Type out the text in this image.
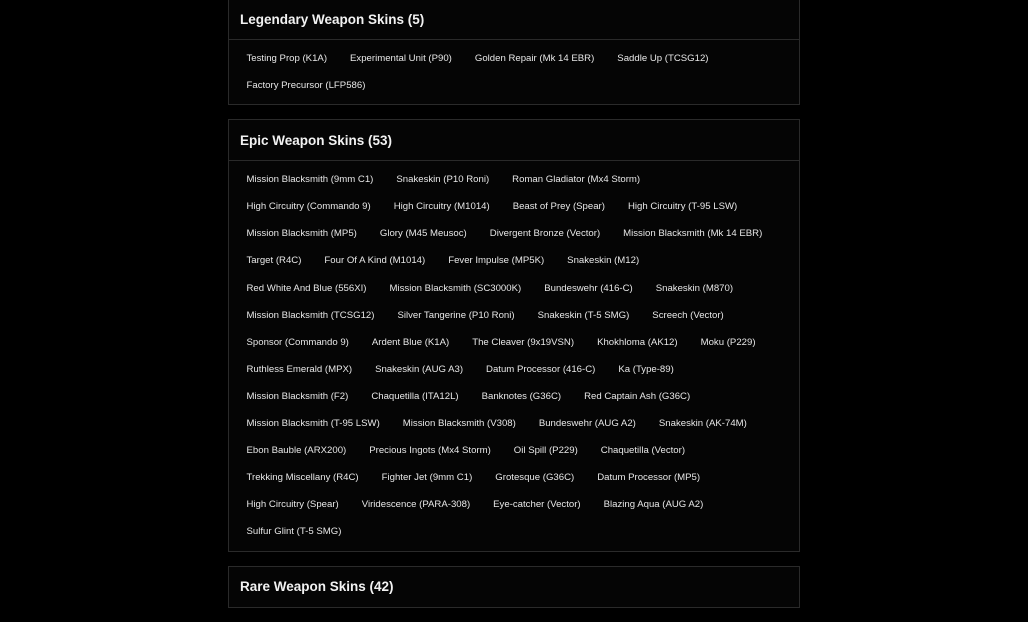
Legendary Weapon Skins (5)
Testing Prop (K1A)	Experimental Unit (P90)	Golden Repair (Mk 14 EBR)	Saddle Up (TCSG12)
Factory Precursor (LFP586)
Epic Weapon Skins (53)
Mission Blacksmith (9mm C1)	Snakeskin (P10 Roni)	Roman Gladiator (Mx4 Storm)
High Circuitry (Commando 9)	High Circuitry (M1014)	Beast of Prey (Spear)	High Circuitry (T-95 LSW)
Mission Blacksmith (MP5)	Glory (M45 Meusoc)	Divergent Bronze (Vector)	Mission Blacksmith (Mk 14 EBR)
Target (R4C)	Four Of A Kind (M1014)	Fever Impulse (MP5K)	Snakeskin (M12)
Red White And Blue (556XI)	Mission Blacksmith (SC3000K)	Bundeswehr (416-C)	Snakeskin (M870)
Mission Blacksmith (TCSG12)	Silver Tangerine (P10 Roni)	Snakeskin (T-5 SMG)	Screech (Vector)
Sponsor (Commando 9)	Ardent Blue (K1A)	The Cleaver (9x19VSN)	Khokhloma (AK12)	Moku (P229)
Ruthless Emerald (MPX)	Snakeskin (AUG A3)	Datum Processor (416-C)	Ka (Type-89)
Mission Blacksmith (F2)	Chaquetilla (ITA12L)	Banknotes (G36C)	Red Captain Ash (G36C)
Mission Blacksmith (T-95 LSW)	Mission Blacksmith (V308)	Bundeswehr (AUG A2)	Snakeskin (AK-74M)
Ebon Bauble (ARX200)	Precious Ingots (Mx4 Storm)	Oil Spill (P229)	Chaquetilla (Vector)
Trekking Miscellany (R4C)	Fighter Jet (9mm C1)	Grotesque (G36C)	Datum Processor (MP5)
High Circuitry (Spear)	Viridescence (PARA-308)	Eye-catcher (Vector)	Blazing Aqua (AUG A2)
Sulfur Glint (T-5 SMG)
Rare Weapon Skins (42)
